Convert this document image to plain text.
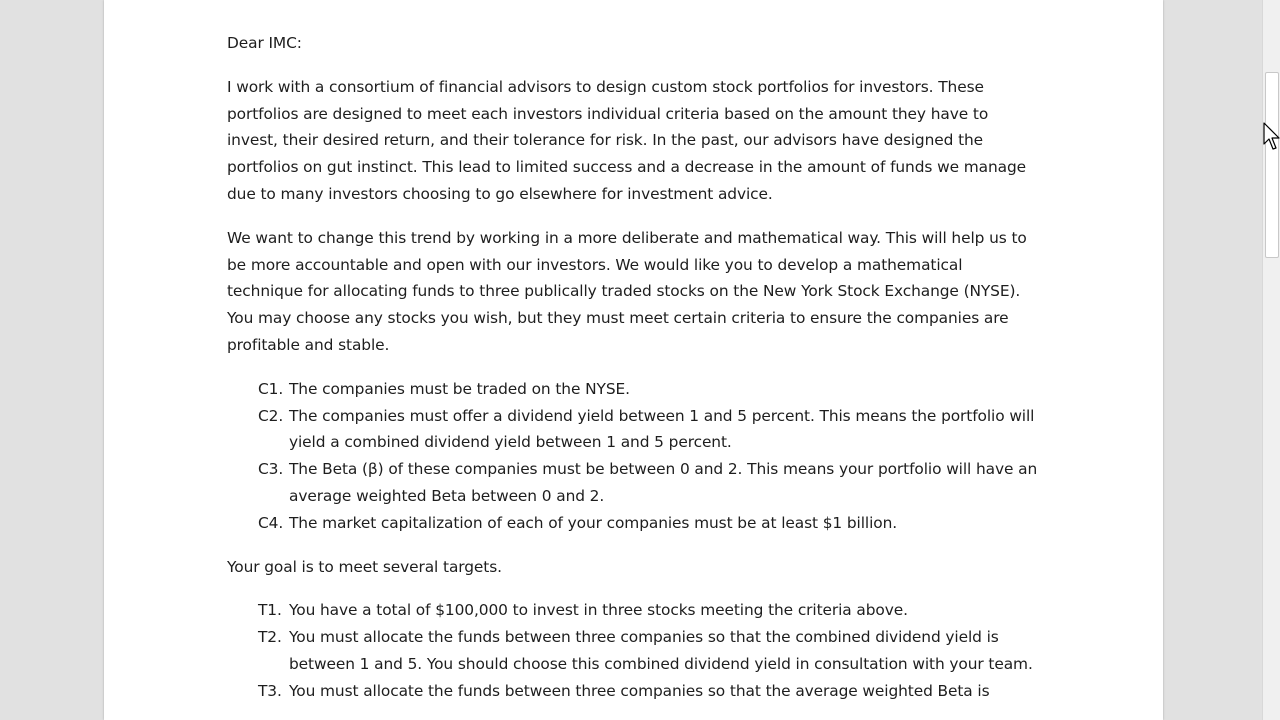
Dear IMC:

I work with a consortium of financial advisors to design custom stock portfolios for investors. These portfolios are designed to meet each investors individual criteria based on the amount they have to invest, their desired return, and their tolerance for risk. In the past, our advisors have designed the portfolios on gut instinct. This lead to limited success and a decrease in the amount of funds we manage due to many investors choosing to go elsewhere for investment advice.

We want to change this trend by working in a more deliberate and mathematical way. This will help us to be more accountable and open with our investors. We would like you to develop a mathematical technique for allocating funds to three publically traded stocks on the New York Stock Exchange (NYSE). You may choose any stocks you wish, but they must meet certain criteria to ensure the companies are profitable and stable.

C1. The companies must be traded on the NYSE.
C2. The companies must offer a dividend yield between 1 and 5 percent. This means the portfolio will yield a combined dividend yield between 1 and 5 percent.
C3. The Beta (β) of these companies must be between 0 and 2. This means your portfolio will have an average weighted Beta between 0 and 2.
C4. The market capitalization of each of your companies must be at least $1 billion.

Your goal is to meet several targets.

T1. You have a total of $100,000 to invest in three stocks meeting the criteria above.
T2. You must allocate the funds between three companies so that the combined dividend yield is between 1 and 5. You should choose this combined dividend yield in consultation with your team.
T3. You must allocate the funds between three companies so that the average weighted Beta is
